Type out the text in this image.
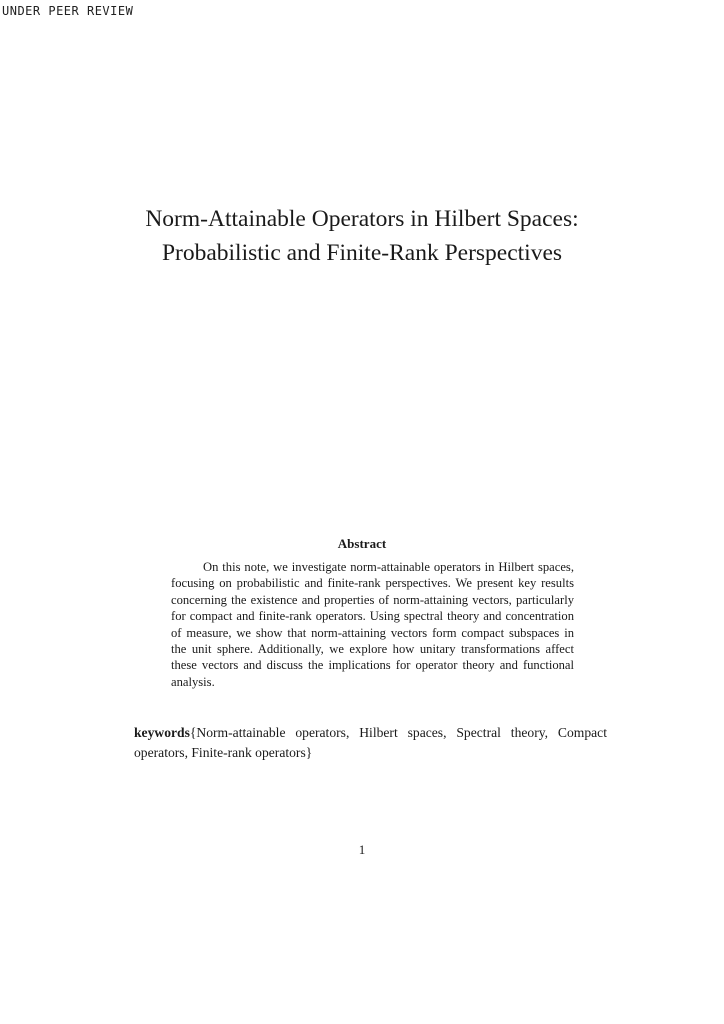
UNDER PEER REVIEW

Norm-Attainable Operators in Hilbert Spaces:
Probabilistic and Finite-Rank Perspectives
Abstract

On this note, we investigate norm-attainable operators in Hilbert spaces, focusing on probabilistic and finite-rank perspectives. We present key results concerning the existence and properties of norm-attaining vectors, particularly for compact and finite-rank operators. Using spectral theory and concentration of measure, we show that norm-attaining vectors form compact subspaces in the unit sphere. Additionally, we explore how unitary transformations affect these vectors and discuss the implications for operator theory and functional analysis.

keywords{Norm-attainable operators, Hilbert spaces, Spectral theory, Compact operators, Finite-rank operators}

1
